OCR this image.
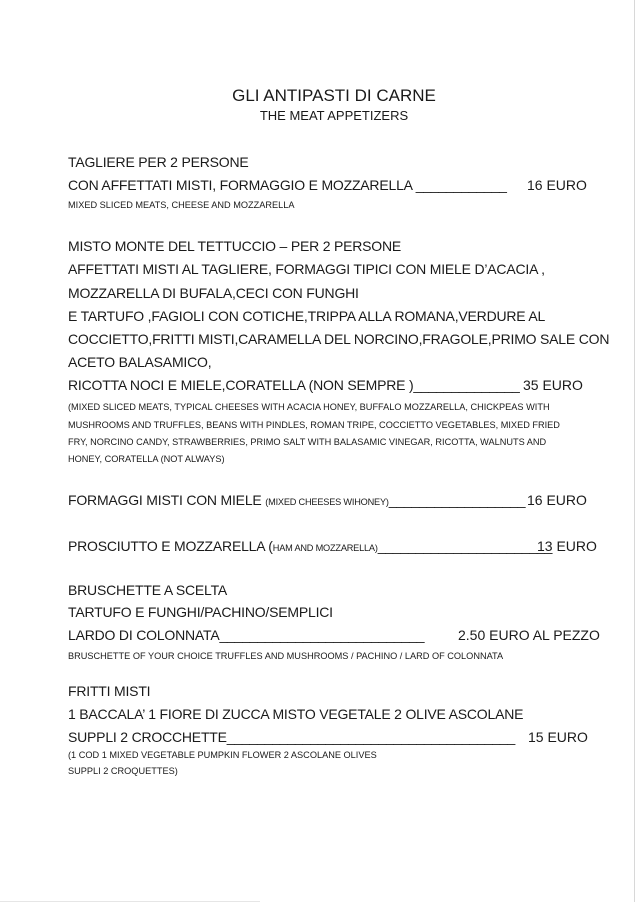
GLI ANTIPASTI DI CARNE
THE MEAT APPETIZERS
TAGLIERE PER 2 PERSONE
CON AFFETTATI MISTI, FORMAGGIO E MOZZARELLA ____________ 16 EURO
MIXED SLICED MEATS, CHEESE AND MOZZARELLA
MISTO MONTE DEL TETTUCCIO – PER 2 PERSONE
AFFETTATI MISTI AL TAGLIERE, FORMAGGI TIPICI CON MIELE D’ACACIA ,
MOZZARELLA DI BUFALA,CECI CON FUNGHI
E TARTUFO ,FAGIOLI CON COTICHE,TRIPPA ALLA ROMANA,VERDURE AL
COCCIETTO,FRITTI MISTI,CARAMELLA DEL NORCINO,FRAGOLE,PRIMO SALE CON
ACETO BALASAMICO,
RICOTTA NOCI E MIELE,CORATELLA (NON SEMPRE )______________ 35 EURO
(MIXED SLICED MEATS, TYPICAL CHEESES WITH ACACIA HONEY, BUFFALO MOZZARELLA, CHICKPEAS WITH
MUSHROOMS AND TRUFFLES, BEANS WITH PINDLES, ROMAN TRIPE, COCCIETTO VEGETABLES, MIXED FRIED
FRY, NORCINO CANDY, STRAWBERRIES, PRIMO SALT WITH BALASAMIC VINEGAR, RICOTTA, WALNUTS AND
HONEY, CORATELLA (NOT ALWAYS)
FORMAGGI MISTI CON MIELE (MIXED CHEESES WIHONEY)__________________ 16 EURO
PROSCIUTTO E MOZZARELLA (HAM AND MOZZARELLA)_______________________
13 EURO
BRUSCHETTE A SCELTA
TARTUFO E FUNGHI/PACHINO/SEMPLICI
LARDO DI COLONNATA___________________________ 2.50 EURO AL PEZZO
BRUSCHETTE OF YOUR CHOICE TRUFFLES AND MUSHROOMS / PACHINO / LARD OF COLONNATA
FRITTI MISTI
1 BACCALA’ 1 FIORE DI ZUCCA MISTO VEGETALE 2 OLIVE ASCOLANE
SUPPLI 2 CROCCHETTE______________________________________ 15 EURO
(1 COD 1 MIXED VEGETABLE PUMPKIN FLOWER 2 ASCOLANE OLIVES
SUPPLI 2 CROQUETTES)
